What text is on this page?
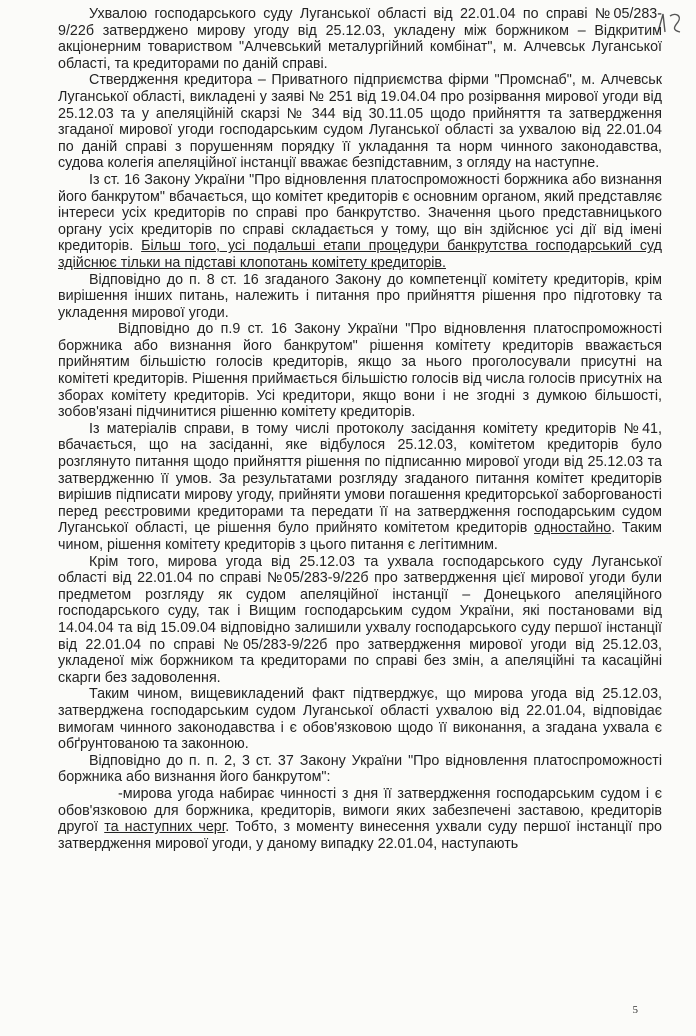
Ухвалою господарського суду Луганської області від 22.01.04 по справі №05/283-9/22б затверджено мирову угоду від 25.12.03, укладену між боржником – Відкритим акціонерним товариством "Алчевський металургійний комбінат", м. Алчевськ Луганської області, та кредиторами по даній справі.

Ствердження кредитора – Приватного підприємства фірми "Промснаб", м. Алчевськ Луганської області, викладені у заяві № 251 від 19.04.04 про розірвання мирової угоди від 25.12.03 та у апеляційній скарзі № 344 від 30.11.05 щодо прийняття та затвердження згаданої мирової угоди господарським судом Луганської області за ухвалою від 22.01.04 по даній справі з порушенням порядку її укладання та норм чинного законодавства, судова колегія апеляційної інстанції вважає безпідставним, з огляду на наступне.

Із ст. 16 Закону України "Про відновлення платоспроможності боржника або визнання його банкрутом" вбачається, що комітет кредиторів є основним органом, який представляє інтереси усіх кредиторів по справі про банкрутство. Значення цього представницького органу усіх кредиторів по справі складається у тому, що він здійснює усі дії від імені кредиторів. Більш того, усі подальші етапи процедури банкрутства господарський суд здійснює тільки на підставі клопотань комітету кредиторів.

Відповідно до п. 8 ст. 16 згаданого Закону до компетенції комітету кредиторів, крім вирішення інших питань, належить і питання про прийняття рішення про підготовку та укладення мирової угоди.

Відповідно до п.9 ст. 16 Закону України "Про відновлення платоспроможності боржника або визнання його банкрутом" рішення комітету кредиторів вважається прийнятим більшістю голосів кредиторів, якщо за нього проголосували присутні на комітеті кредиторів. Рішення приймається більшістю голосів від числа голосів присутніх на зборах комітету кредиторів. Усі кредитори, якщо вони і не згодні з думкою більшості, зобов'язані підчинитися рішенню комітету кредиторів.

Із матеріалів справи, в тому числі протоколу засідання комітету кредиторів №41, вбачається, що на засіданні, яке відбулося 25.12.03, комітетом кредиторів було розглянуто питання щодо прийняття рішення по підписанню мирової угоди від 25.12.03 та затвердженню її умов. За результатами розгляду згаданого питання комітет кредиторів вирішив підписати мирову угоду, прийняти умови погашення кредиторської заборгованості перед реєстровими кредиторами та передати її на затвердження господарським судом Луганської області, це рішення було прийнято комітетом кредиторів одностайно. Таким чином, рішення комітету кредиторів з цього питання є легітимним.

Крім того, мирова угода від 25.12.03 та ухвала господарського суду Луганської області від 22.01.04 по справі №05/283-9/22б про затвердження цієї мирової угоди були предметом розгляду як судом апеляційної інстанції – Донецького апеляційного господарського суду, так і Вищим господарським судом України, які постановами від 14.04.04 та від 15.09.04 відповідно залишили ухвалу господарського суду першої інстанції від 22.01.04 по справі №05/283-9/22б про затвердження мирової угоди від 25.12.03, укладеної між боржником та кредиторами по справі без змін, а апеляційні та касаційні скарги без задоволення.

Таким чином, вищевикладений факт підтверджує, що мирова угода від 25.12.03, затверджена господарським судом Луганської області ухвалою від 22.01.04, відповідає вимогам чинного законодавства і є обов'язковою щодо її виконання, а згадана ухвала є обґрунтованою та законною.

Відповідно до п. п. 2, 3 ст. 37 Закону України "Про відновлення платоспроможності боржника або визнання його банкрутом":

-мирова угода набирає чинності з дня її затвердження господарським судом і є обов'язковою для боржника, кредиторів, вимоги яких забезпечені заставою, кредиторів другої та наступних черг. Тобто, з моменту винесення ухвали суду першої інстанції про затвердження мирової угоди, у даному випадку 22.01.04, наступають

5
